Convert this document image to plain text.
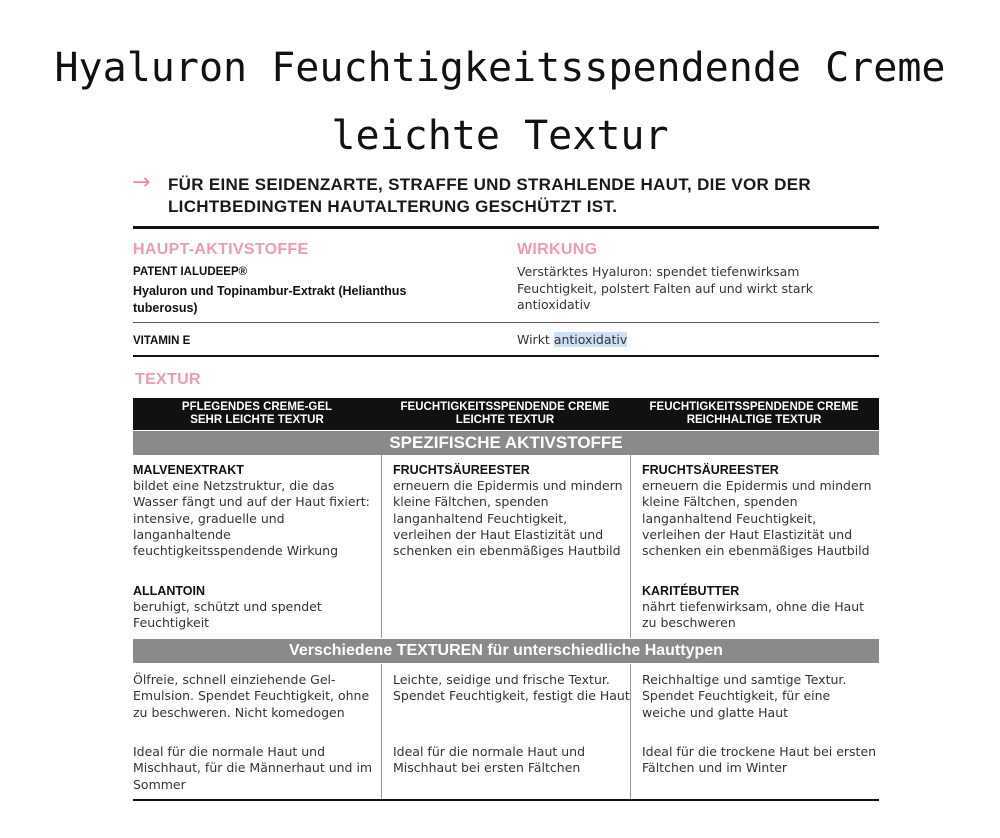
Hyaluron Feuchtigkeitsspendende Creme
leichte Textur
→ FÜR EINE SEIDENZARTE, STRAFFE UND STRAHLENDE HAUT, DIE VOR DER LICHTBEDINGTEN HAUTALTERUNG GESCHÜTZT IST.
HAUPT-AKTIVSTOFFE	WIRKUNG
PATENT IALUDEEP®
Hyaluron und Topinambur-Extrakt (Helianthus tuberosus)
Verstärktes Hyaluron: spendet tiefenwirksam Feuchtigkeit, polstert Falten auf und wirkt stark antioxidativ
VITAMIN E	Wirkt antioxidativ
TEXTUR
PFLEGENDES CREME-GEL
SEHR LEICHTE TEXTUR
FEUCHTIGKEITSSPENDENDE CREME
LEICHTE TEXTUR
FEUCHTIGKEITSSPENDENDE CREME
REICHHALTIGE TEXTUR
SPEZIFISCHE AKTIVSTOFFE
MALVENEXTRAKT
bildet eine Netzstruktur, die das Wasser fängt und auf der Haut fixiert: intensive, graduelle und langanhaltende feuchtigkeitsspendende Wirkung
ALLANTOIN
beruhigt, schützt und spendet Feuchtigkeit
FRUCHTSÄUREESTER
erneuern die Epidermis und mindern kleine Fältchen, spenden langanhaltend Feuchtigkeit, verleihen der Haut Elastizität und schenken ein ebenmäßiges Hautbild
FRUCHTSÄUREESTER
erneuern die Epidermis und mindern kleine Fältchen, spenden langanhaltend Feuchtigkeit, verleihen der Haut Elastizität und schenken ein ebenmäßiges Hautbild
KARITÉBUTTER
nährt tiefenwirksam, ohne die Haut zu beschweren
Verschiedene TEXTUREN für unterschiedliche Hauttypen
Ölfreie, schnell einziehende Gel-Emulsion. Spendet Feuchtigkeit, ohne zu beschweren. Nicht komedogen
Ideal für die normale Haut und Mischhaut, für die Männerhaut und im Sommer
Leichte, seidige und frische Textur. Spendet Feuchtigkeit, festigt die Haut
Ideal für die normale Haut und Mischhaut bei ersten Fältchen
Reichhaltige und samtige Textur. Spendet Feuchtigkeit, für eine weiche und glatte Haut
Ideal für die trockene Haut bei ersten Fältchen und im Winter
